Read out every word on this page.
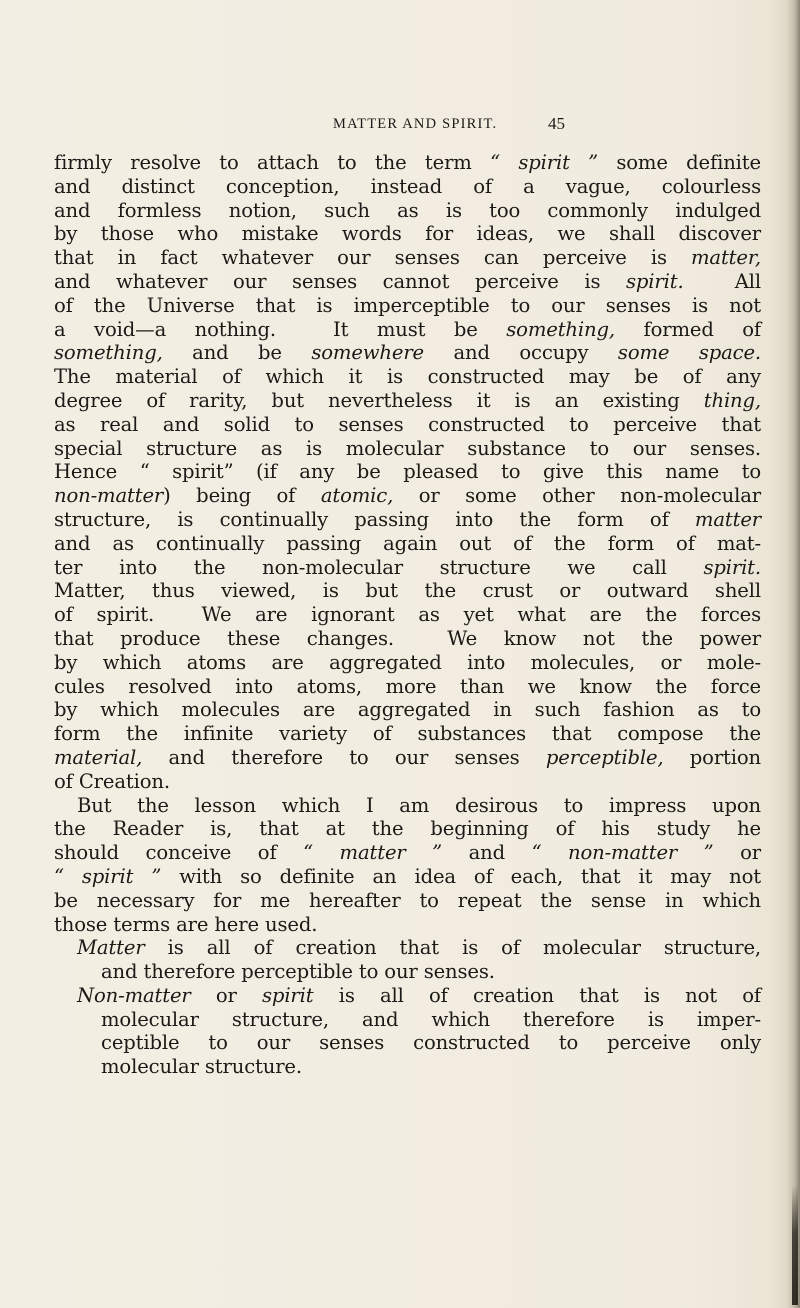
MATTER AND SPIRIT.	45
firmly resolve to attach to the term “ spirit ” some definite
and distinct conception, instead of a vague, colourless
and formless notion, such as is too commonly indulged
by those who mistake words for ideas, we shall discover
that in fact whatever our senses can perceive is matter,
and whatever our senses cannot perceive is spirit.  All
of the Universe that is imperceptible to our senses is not
a void—a nothing.  It must be something, formed of
something, and be somewhere and occupy some space.
The material of which it is constructed may be of any
degree of rarity, but nevertheless it is an existing thing,
as real and solid to senses constructed to perceive that
special structure as is molecular substance to our senses.
Hence “ spirit” (if any be pleased to give this name to
non-matter) being of atomic, or some other non-molecular
structure, is continually passing into the form of matter
and as continually passing again out of the form of mat-
ter into the non-molecular structure we call spirit.
Matter, thus viewed, is but the crust or outward shell
of spirit.  We are ignorant as yet what are the forces
that produce these changes.  We know not the power
by which atoms are aggregated into molecules, or mole-
cules resolved into atoms, more than we know the force
by which molecules are aggregated in such fashion as to
form the infinite variety of substances that compose the
material, and therefore to our senses perceptible, portion
of Creation.
But the lesson which I am desirous to impress upon
the Reader is, that at the beginning of his study he
should conceive of “ matter ” and “ non-matter ” or
“ spirit ” with so definite an idea of each, that it may not
be necessary for me hereafter to repeat the sense in which
those terms are here used.
Matter is all of creation that is of molecular structure,
and therefore perceptible to our senses.
Non-matter or spirit is all of creation that is not of
molecular structure, and which therefore is imper-
ceptible to our senses constructed to perceive only
molecular structure.
